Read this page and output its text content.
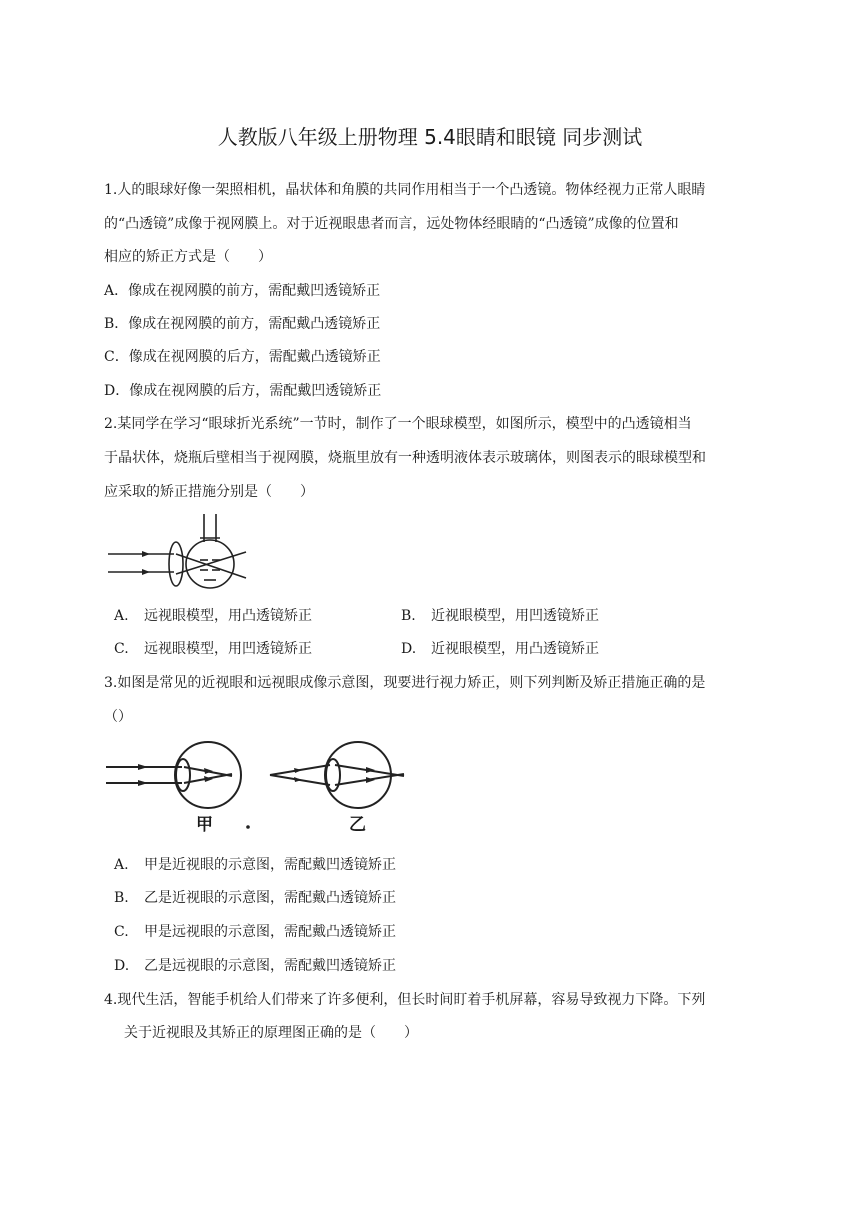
人教版八年级上册物理 5.4眼睛和眼镜 同步测试
1.人的眼球好像一架照相机，晶状体和角膜的共同作用相当于一个凸透镜。物体经视力正常人眼睛
的“凸透镜”成像于视网膜上。对于近视眼患者而言，远处物体经眼睛的“凸透镜”成像的位置和
相应的矫正方式是（　　）
A．像成在视网膜的前方，需配戴凹透镜矫正
B．像成在视网膜的前方，需配戴凸透镜矫正
C．像成在视网膜的后方，需配戴凸透镜矫正
D．像成在视网膜的后方，需配戴凹透镜矫正
2.某同学在学习“眼球折光系统”一节时，制作了一个眼球模型，如图所示，模型中的凸透镜相当
于晶状体，烧瓶后壁相当于视网膜，烧瓶里放有一种透明液体表示玻璃体，则图表示的眼球模型和
应采取的矫正措施分别是（　　）
A. 远视眼模型，用凸透镜矫正	B. 近视眼模型，用凹透镜矫正
C. 远视眼模型，用凹透镜矫正	D. 近视眼模型，用凸透镜矫正
3.如图是常见的近视眼和远视眼成像示意图，现要进行视力矫正，则下列判断及矫正措施正确的是
（）
甲	乙
A. 甲是近视眼的示意图，需配戴凹透镜矫正
B. 乙是近视眼的示意图，需配戴凸透镜矫正
C. 甲是远视眼的示意图，需配戴凸透镜矫正
D. 乙是远视眼的示意图，需配戴凹透镜矫正
4.现代生活，智能手机给人们带来了许多便利，但长时间盯着手机屏幕，容易导致视力下降。下列
关于近视眼及其矫正的原理图正确的是（　　）
